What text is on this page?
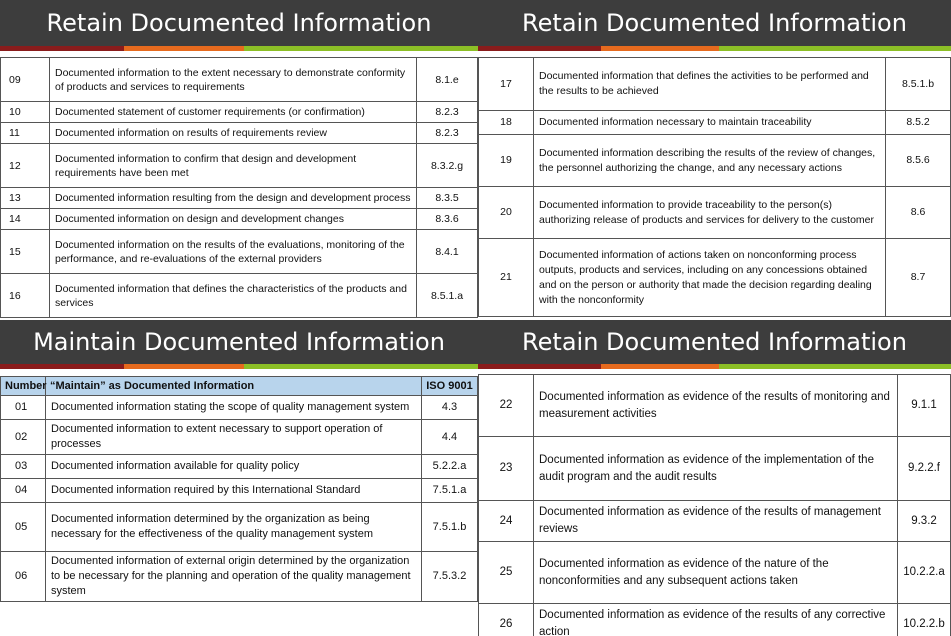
Retain Documented Information
09	Documented information to the extent necessary to demonstrate conformity of products and services to requirements	8.1.e
10	Documented statement of customer requirements (or confirmation)	8.2.3
11	Documented information on results of requirements review	8.2.3
12	Documented information to confirm that design and development requirements have been met	8.3.2.g
13	Documented information resulting from the design and development process	8.3.5
14	Documented information on design and development changes	8.3.6
15	Documented information on the results of the evaluations, monitoring of the performance, and re-evaluations of the external providers	8.4.1
16	Documented information that defines the characteristics of the products and services	8.5.1.a
Retain Documented Information
17	Documented information that defines the activities to be performed and the results to be achieved	8.5.1.b
18	Documented information necessary to maintain traceability	8.5.2
19	Documented information describing the results of the review of changes, the personnel authorizing the change, and any necessary actions	8.5.6
20	Documented information to provide traceability to the person(s) authorizing release of products and services for delivery to the customer	8.6
21	Documented information of actions taken on nonconforming process outputs, products and services, including on any concessions obtained and on the person or authority that made the decision regarding dealing with the nonconformity	8.7
Maintain Documented Information
Number	“Maintain” as Documented Information	ISO 9001
01	Documented information stating the scope of quality management system	4.3
02	Documented information to extent necessary to support operation of processes	4.4
03	Documented information available for quality policy	5.2.2.a
04	Documented information required by this International Standard	7.5.1.a
05	Documented information determined by the organization as being necessary for the effectiveness of the quality management system	7.5.1.b
06	Documented information of external origin determined by the organization to be necessary for the planning and operation of the quality management system	7.5.3.2
Retain Documented Information
22	Documented information as evidence of the results of monitoring and measurement activities	9.1.1
23	Documented information as evidence of the implementation of the audit program and the audit results	9.2.2.f
24	Documented information as evidence of the results of management reviews	9.3.2
25	Documented information as evidence of the nature of the nonconformities and any subsequent actions taken	10.2.2.a
26	Documented information as evidence of the results of any corrective action	10.2.2.b
